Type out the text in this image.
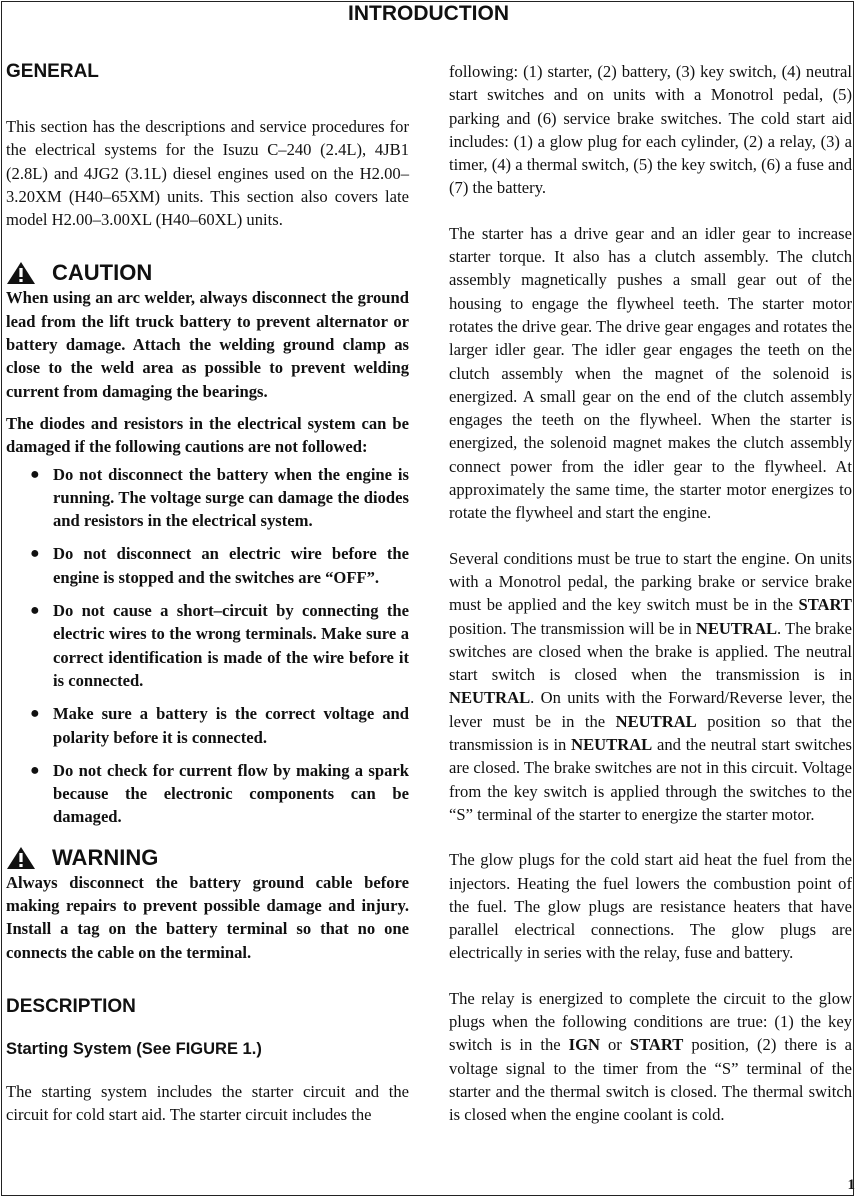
INTRODUCTION
GENERAL

This section has the descriptions and service procedures for the electrical systems for the Isuzu C–240 (2.4L), 4JB1 (2.8L) and 4JG2 (3.1L) diesel engines used on the H2.00–3.20XM (H40–65XM) units. This section also covers late model H2.00–3.00XL (H40–60XL) units.

CAUTION

When using an arc welder, always disconnect the ground lead from the lift truck battery to prevent alternator or battery damage. Attach the welding ground clamp as close to the weld area as possible to prevent welding current from damaging the bearings.

The diodes and resistors in the electrical system can be damaged if the following cautions are not followed:

● Do not disconnect the battery when the engine is running. The voltage surge can damage the diodes and resistors in the electrical system.
● Do not disconnect an electric wire before the engine is stopped and the switches are “OFF”.
● Do not cause a short–circuit by connecting the electric wires to the wrong terminals. Make sure a correct identification is made of the wire before it is connected.
● Make sure a battery is the correct voltage and polarity before it is connected.
● Do not check for current flow by making a spark because the electronic components can be damaged.
WARNING

Always disconnect the battery ground cable before making repairs to prevent possible damage and injury. Install a tag on the battery terminal so that no one connects the cable on the terminal.

DESCRIPTION
Starting System (See FIGURE 1.)

The starting system includes the starter circuit and the circuit for cold start aid. The starter circuit includes the

following: (1) starter, (2) battery, (3) key switch, (4) neutral start switches and on units with a Monotrol pedal, (5) parking and (6) service brake switches. The cold start aid includes: (1) a glow plug for each cylinder, (2) a relay, (3) a timer, (4) a thermal switch, (5) the key switch, (6) a fuse and (7) the battery.

The starter has a drive gear and an idler gear to increase starter torque. It also has a clutch assembly. The clutch assembly magnetically pushes a small gear out of the housing to engage the flywheel teeth. The starter motor rotates the drive gear. The drive gear engages and rotates the larger idler gear. The idler gear engages the teeth on the clutch assembly when the magnet of the solenoid is energized. A small gear on the end of the clutch assembly engages the teeth on the flywheel. When the starter is energized, the solenoid magnet makes the clutch assembly connect power from the idler gear to the flywheel. At approximately the same time, the starter motor energizes to rotate the flywheel and start the engine.

Several conditions must be true to start the engine. On units with a Monotrol pedal, the parking brake or service brake must be applied and the key switch must be in the START position. The transmission will be in NEUTRAL. The brake switches are closed when the brake is applied. The neutral start switch is closed when the transmission is in NEUTRAL. On units with the Forward/Reverse lever, the lever must be in the NEUTRAL position so that the transmission is in NEUTRAL and the neutral start switches are closed. The brake switches are not in this circuit. Voltage from the key switch is applied through the switches to the “S” terminal of the starter to energize the starter motor.

The glow plugs for the cold start aid heat the fuel from the injectors. Heating the fuel lowers the combustion point of the fuel. The glow plugs are resistance heaters that have parallel electrical connections. The glow plugs are electrically in series with the relay, fuse and battery.

The relay is energized to complete the circuit to the glow plugs when the following conditions are true: (1) the key switch is in the IGN or START position, (2) there is a voltage signal to the timer from the “S” terminal of the starter and the thermal switch is closed. The thermal switch is closed when the engine coolant is cold.

1
